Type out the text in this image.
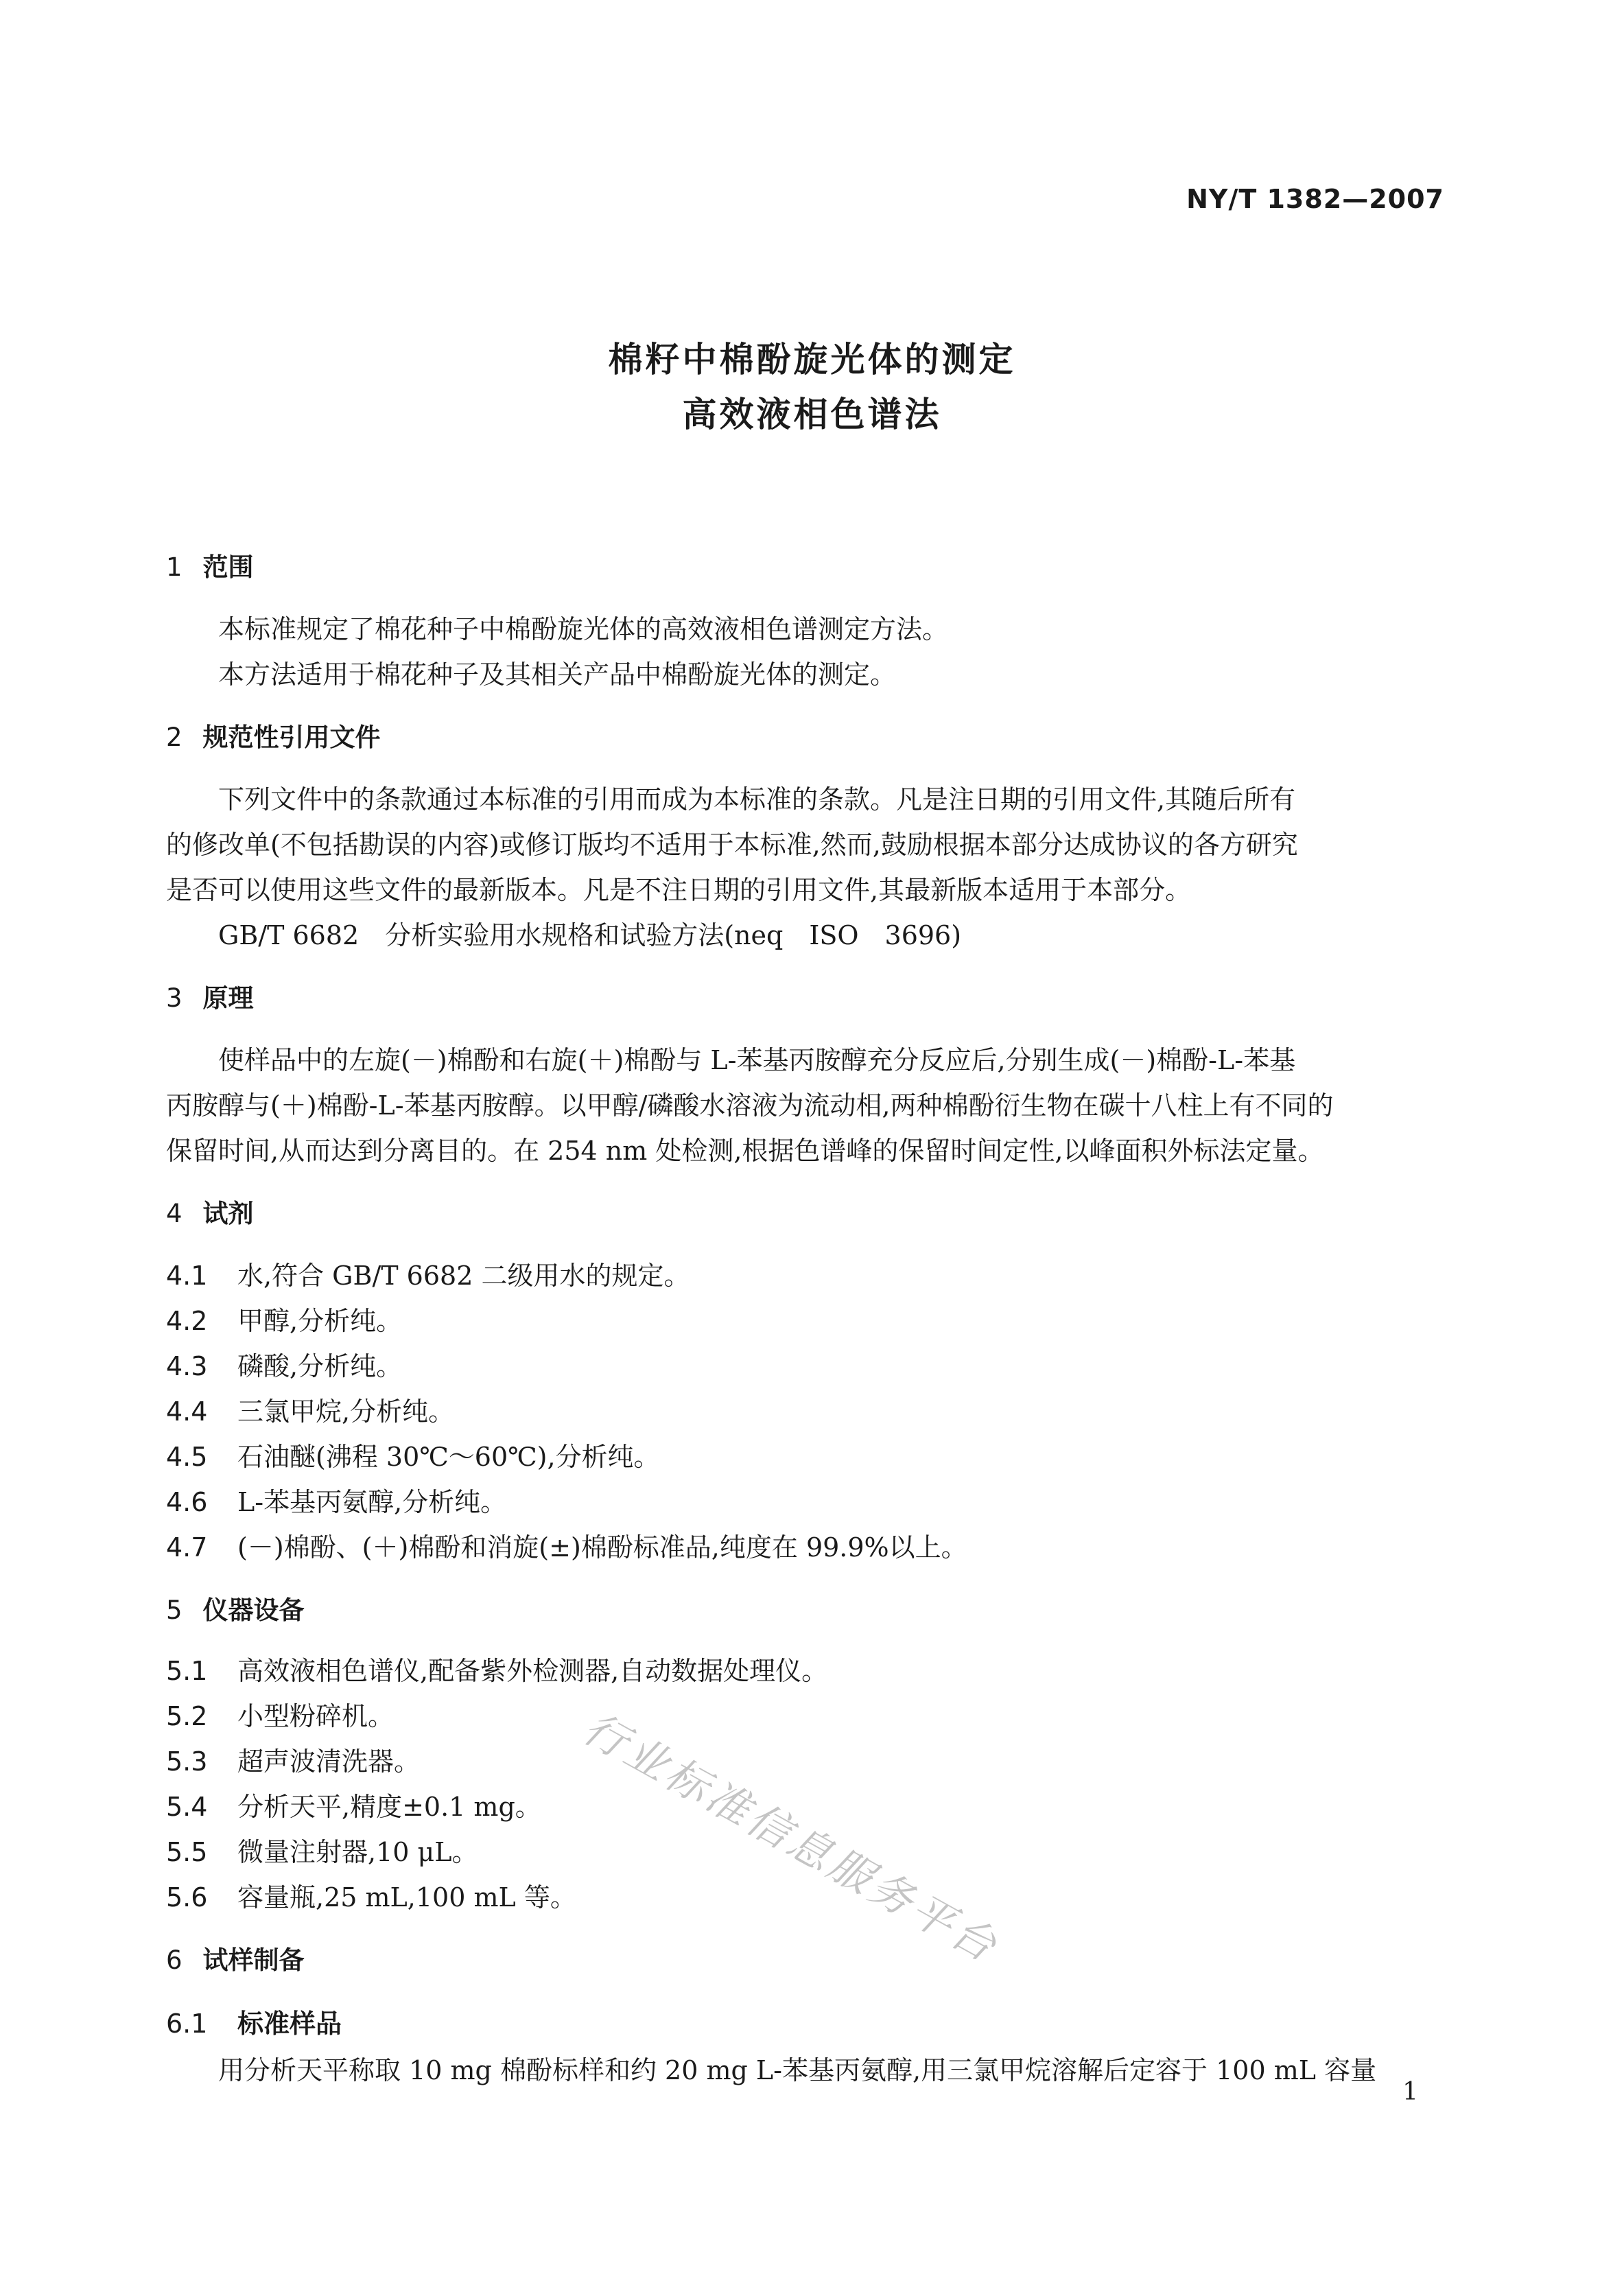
NY/T 1382—2007
棉籽中棉酚旋光体的测定
高效液相色谱法
1 范围
本标准规定了棉花种子中棉酚旋光体的高效液相色谱测定方法。
本方法适用于棉花种子及其相关产品中棉酚旋光体的测定。
2 规范性引用文件
下列文件中的条款通过本标准的引用而成为本标准的条款。凡是注日期的引用文件,其随后所有
的修改单(不包括勘误的内容)或修订版均不适用于本标准,然而,鼓励根据本部分达成协议的各方研究
是否可以使用这些文件的最新版本。凡是不注日期的引用文件,其最新版本适用于本部分。
GB/T 6682　分析实验用水规格和试验方法(neq　ISO　3696)
3 原理
使样品中的左旋(－)棉酚和右旋(＋)棉酚与 L-苯基丙胺醇充分反应后,分别生成(－)棉酚-L-苯基
丙胺醇与(＋)棉酚-L-苯基丙胺醇。以甲醇/磷酸水溶液为流动相,两种棉酚衍生物在碳十八柱上有不同的
保留时间,从而达到分离目的。在 254 nm 处检测,根据色谱峰的保留时间定性,以峰面积外标法定量。
4 试剂
4.1 水,符合 GB/T 6682 二级用水的规定。
4.2 甲醇,分析纯。
4.3 磷酸,分析纯。
4.4 三氯甲烷,分析纯。
4.5 石油醚(沸程 30℃～60℃),分析纯。
4.6 L-苯基丙氨醇,分析纯。
4.7 (－)棉酚、(＋)棉酚和消旋(±)棉酚标准品,纯度在 99.9%以上。
5 仪器设备
5.1 高效液相色谱仪,配备紫外检测器,自动数据处理仪。
5.2 小型粉碎机。
5.3 超声波清洗器。
5.4 分析天平,精度±0.1 mg。
5.5 微量注射器,10 μL。
5.6 容量瓶,25 mL,100 mL 等。
6 试样制备
6.1 标准样品
用分析天平称取 10 mg 棉酚标样和约 20 mg L-苯基丙氨醇,用三氯甲烷溶解后定容于 100 mL 容量
行业标准信息服务平台
1
